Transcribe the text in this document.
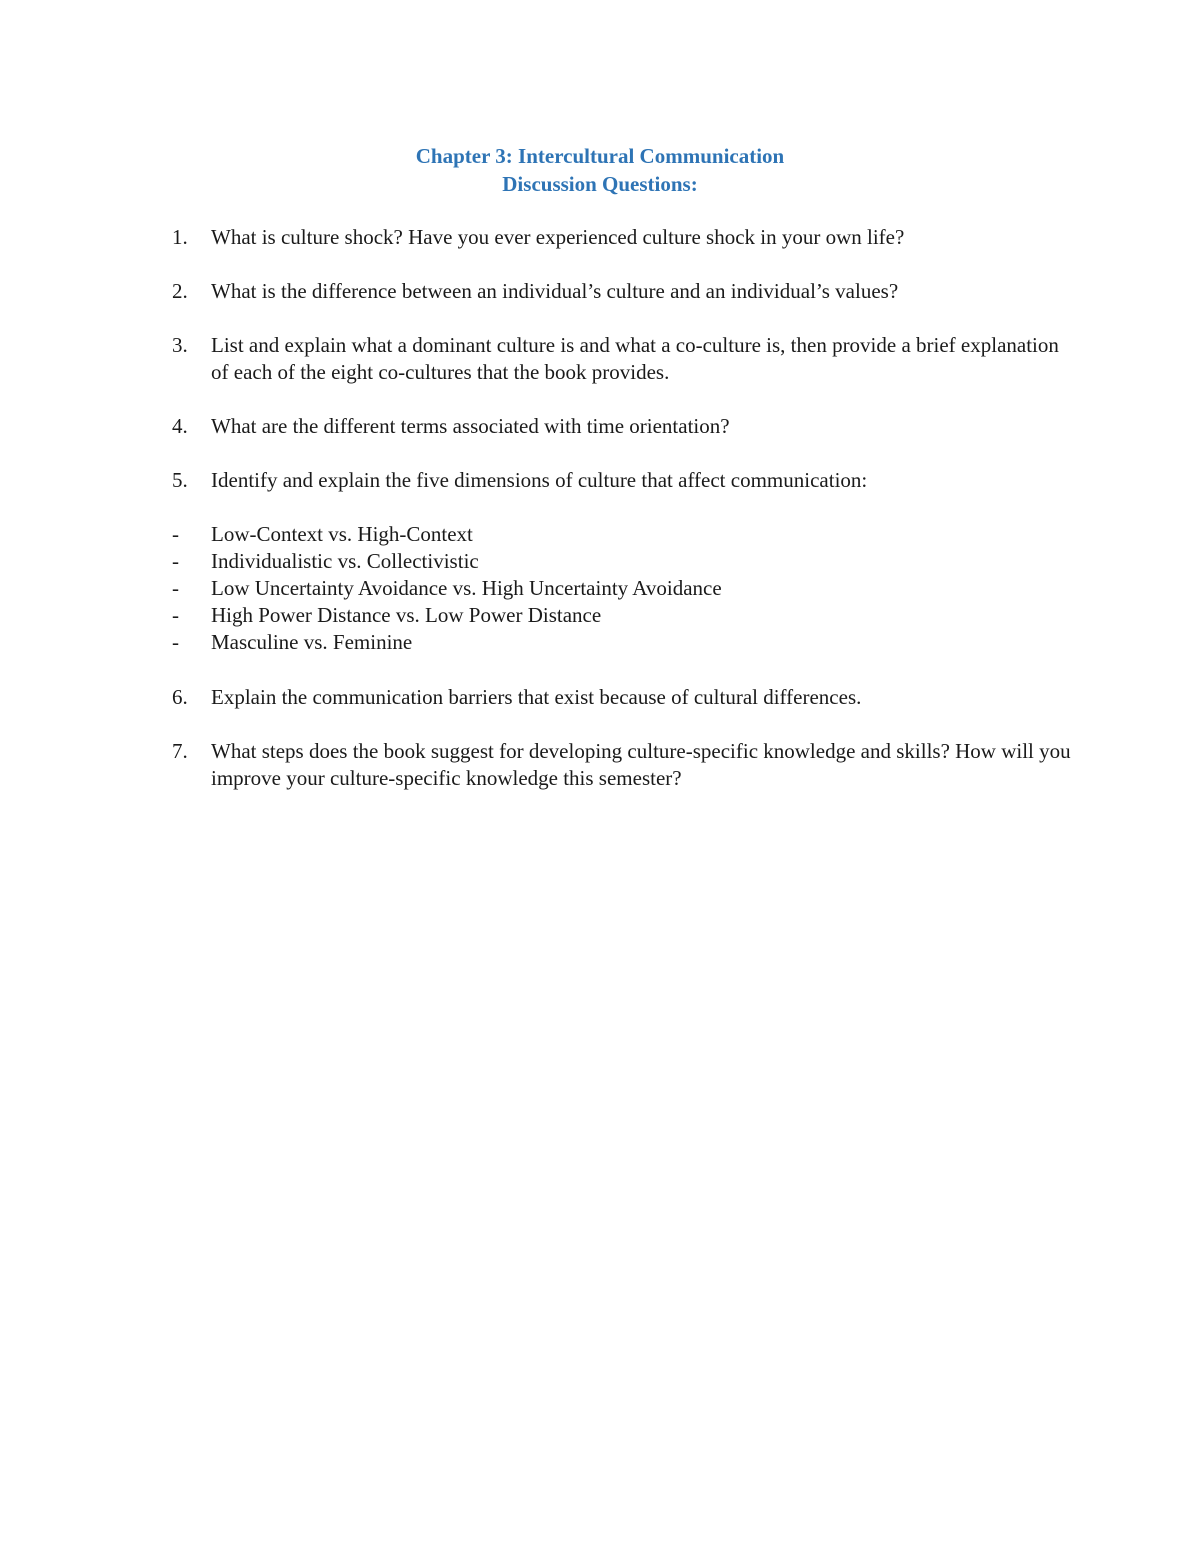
Chapter 3: Intercultural Communication
Discussion Questions:
1.	What is culture shock? Have you ever experienced culture shock in your own life?
2.	What is the difference between an individual’s culture and an individual’s values?
3.	List and explain what a dominant culture is and what a co-culture is, then provide a brief explanation of each of the eight co-cultures that the book provides.
4.	What are the different terms associated with time orientation?
5.	Identify and explain the five dimensions of culture that affect communication:
-	Low-Context vs. High-Context
-	Individualistic vs. Collectivistic
-	Low Uncertainty Avoidance vs. High Uncertainty Avoidance
-	High Power Distance vs. Low Power Distance
-	Masculine vs. Feminine
6.	Explain the communication barriers that exist because of cultural differences.
7.	What steps does the book suggest for developing culture-specific knowledge and skills? How will you improve your culture-specific knowledge this semester?
